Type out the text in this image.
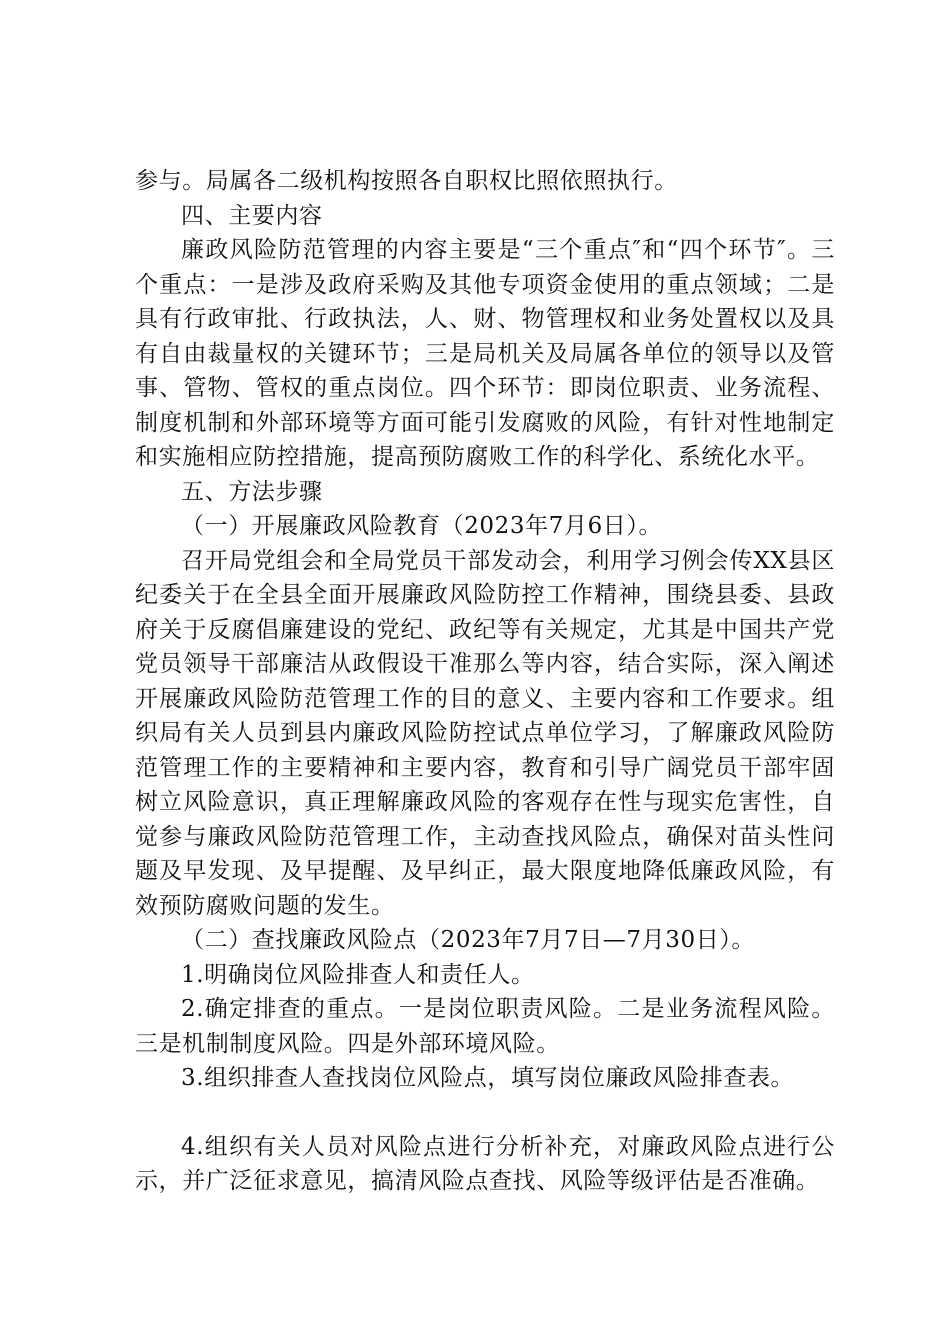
参与。局属各二级机构按照各自职权比照依照执行。

四、主要内容

廉政风险防范管理的内容主要是“三个重点″和“四个环节″。三个重点：一是涉及政府采购及其他专项资金使用的重点领域；二是具有行政审批、行政执法，人、财、物管理权和业务处置权以及具有自由裁量权的关键环节；三是局机关及局属各单位的领导以及管事、管物、管权的重点岗位。四个环节：即岗位职责、业务流程、制度机制和外部环境等方面可能引发腐败的风险，有针对性地制定和实施相应防控措施，提高预防腐败工作的科学化、系统化水平。

五、方法步骤

（一）开展廉政风险教育（2023年7月6日）。

召开局党组会和全局党员干部发动会，利用学习例会传XX县区纪委关于在全县全面开展廉政风险防控工作精神，围绕县委、县政府关于反腐倡廉建设的党纪、政纪等有关规定，尤其是中国共产党党员领导干部廉洁从政假设干准那么等内容，结合实际，深入阐述开展廉政风险防范管理工作的目的意义、主要内容和工作要求。组织局有关人员到县内廉政风险防控试点单位学习，了解廉政风险防范管理工作的主要精神和主要内容，教育和引导广阔党员干部牢固树立风险意识，真正理解廉政风险的客观存在性与现实危害性，自觉参与廉政风险防范管理工作，主动查找风险点，确保对苗头性问题及早发现、及早提醒、及早纠正，最大限度地降低廉政风险，有效预防腐败问题的发生。

（二）查找廉政风险点（2023年7月7日—7月30日）。

1.明确岗位风险排查人和责任人。

2.确定排查的重点。一是岗位职责风险。二是业务流程风险。三是机制制度风险。四是外部环境风险。

3.组织排查人查找岗位风险点，填写岗位廉政风险排查表。

4.组织有关人员对风险点进行分析补充，对廉政风险点进行公示，并广泛征求意见，搞清风险点查找、风险等级评估是否准确。
